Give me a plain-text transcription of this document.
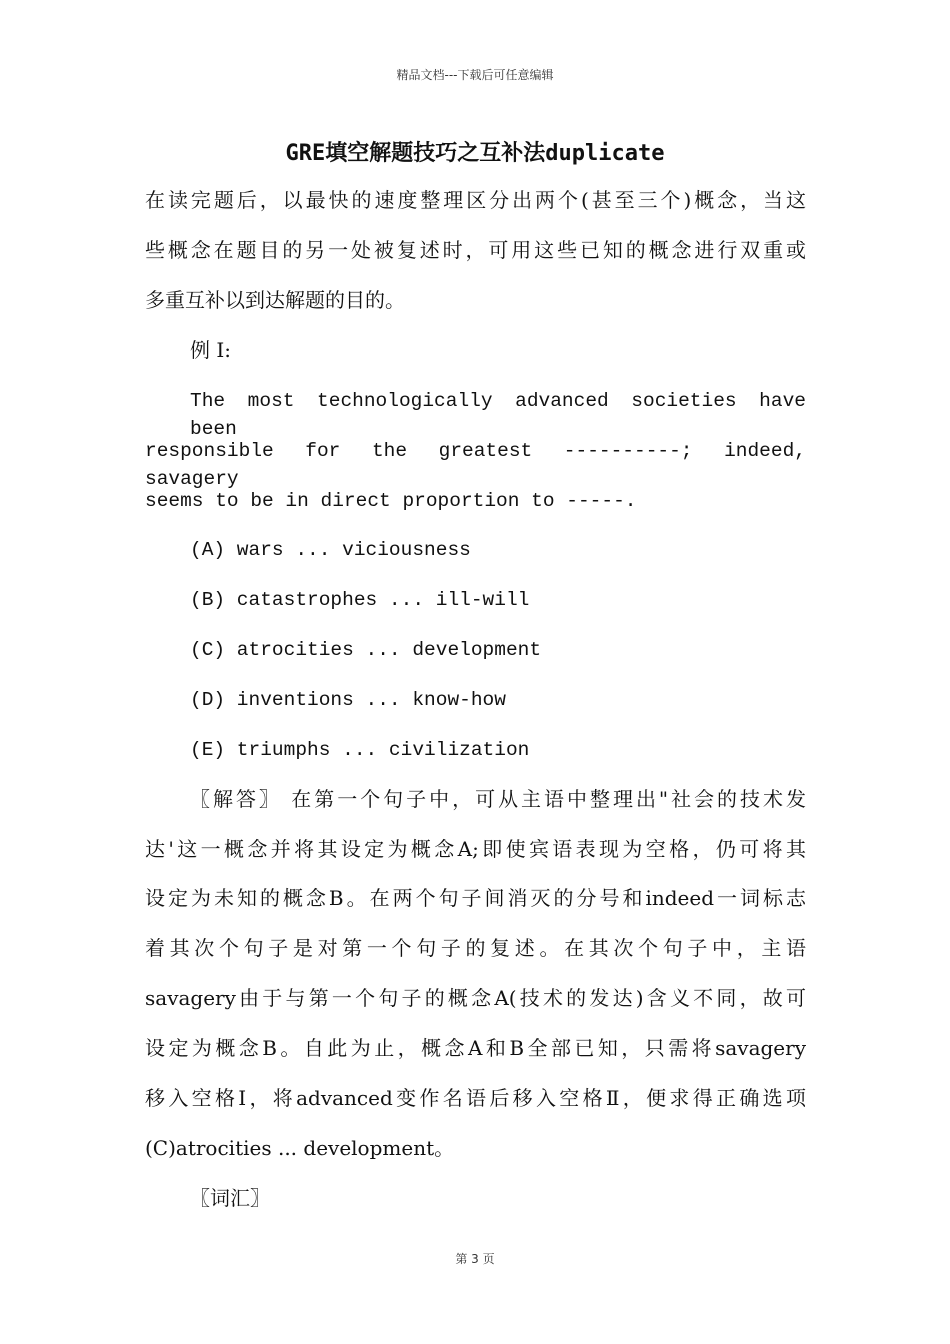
精品文档---下载后可任意编辑
GRE填空解题技巧之互补法duplicate
在读完题后，以最快的速度整理区分出两个(甚至三个)概念，当这
些概念在题目的另一处被复述时，可用这些已知的概念进行双重或
多重互补以到达解题的目的。
例 Ⅰ:
The most technologically advanced societies have been
responsible for the greatest ----------; indeed, savagery
seems to be in direct proportion to -----.
(A) wars ... viciousness
(B) catastrophes ... ill-will
(C) atrocities ... development
(D) inventions ... know-how
(E) triumphs ... civilization
〖解答〗 在第一个句子中，可从主语中整理出"社会的技术发
达'这一概念并将其设定为概念A;即使宾语表现为空格，仍可将其
设定为未知的概念B。在两个句子间消灭的分号和indeed一词标志
着其次个句子是对第一个句子的复述。在其次个句子中，主语
savagery由于与第一个句子的概念A(技术的发达)含义不同，故可
设定为概念B。自此为止，概念A和B全部已知，只需将savagery
移入空格Ⅰ，将advanced变作名语后移入空格Ⅱ，便求得正确选项
(C)atrocities ... development。
〖词汇〗
第 3 页
